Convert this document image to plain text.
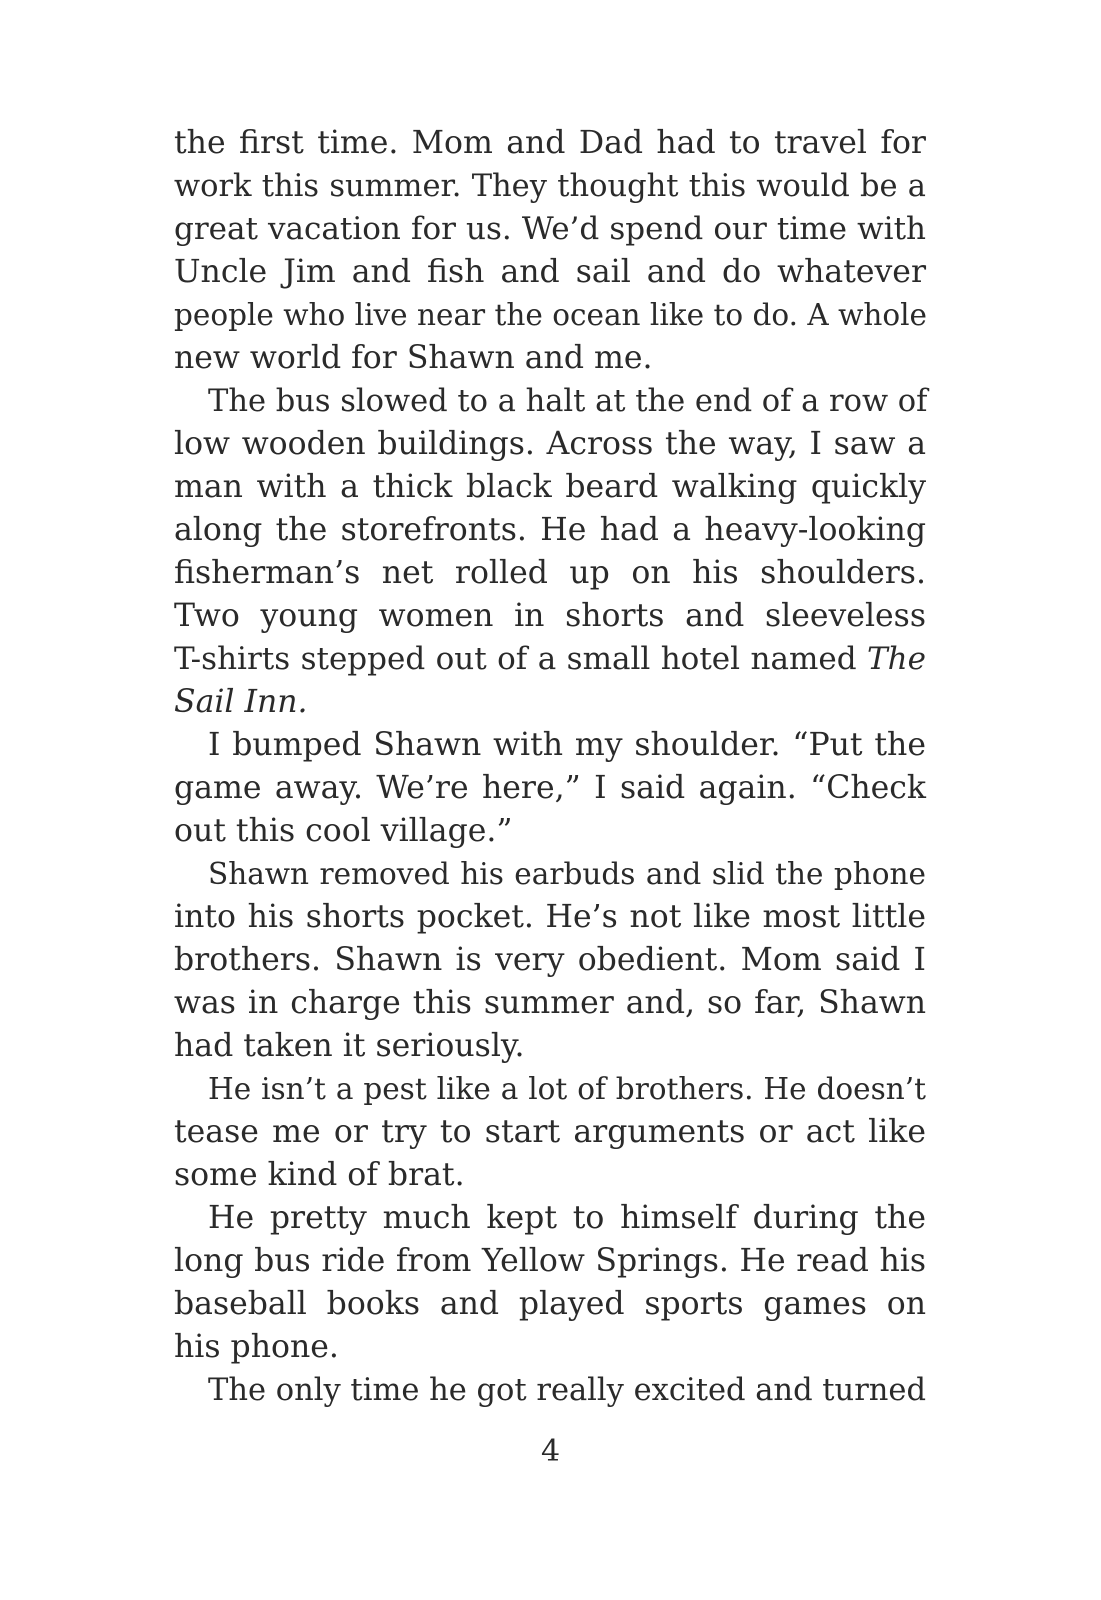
the first time. Mom and Dad had to travel for
work this summer. They thought this would be a
great vacation for us. We’d spend our time with
Uncle Jim and fish and sail and do whatever
people who live near the ocean like to do. A whole
new world for Shawn and me.
The bus slowed to a halt at the end of a row of
low wooden buildings. Across the way, I saw a
man with a thick black beard walking quickly
along the storefronts. He had a heavy-looking
fisherman’s net rolled up on his shoulders.
Two young women in shorts and sleeveless
T-shirts stepped out of a small hotel named The
Sail Inn.
I bumped Shawn with my shoulder. “Put the
game away. We’re here,” I said again. “Check
out this cool village.”
Shawn removed his earbuds and slid the phone
into his shorts pocket. He’s not like most little
brothers. Shawn is very obedient. Mom said I
was in charge this summer and, so far, Shawn
had taken it seriously.
He isn’t a pest like a lot of brothers. He doesn’t
tease me or try to start arguments or act like
some kind of brat.
He pretty much kept to himself during the
long bus ride from Yellow Springs. He read his
baseball books and played sports games on
his phone.
The only time he got really excited and turned
4
